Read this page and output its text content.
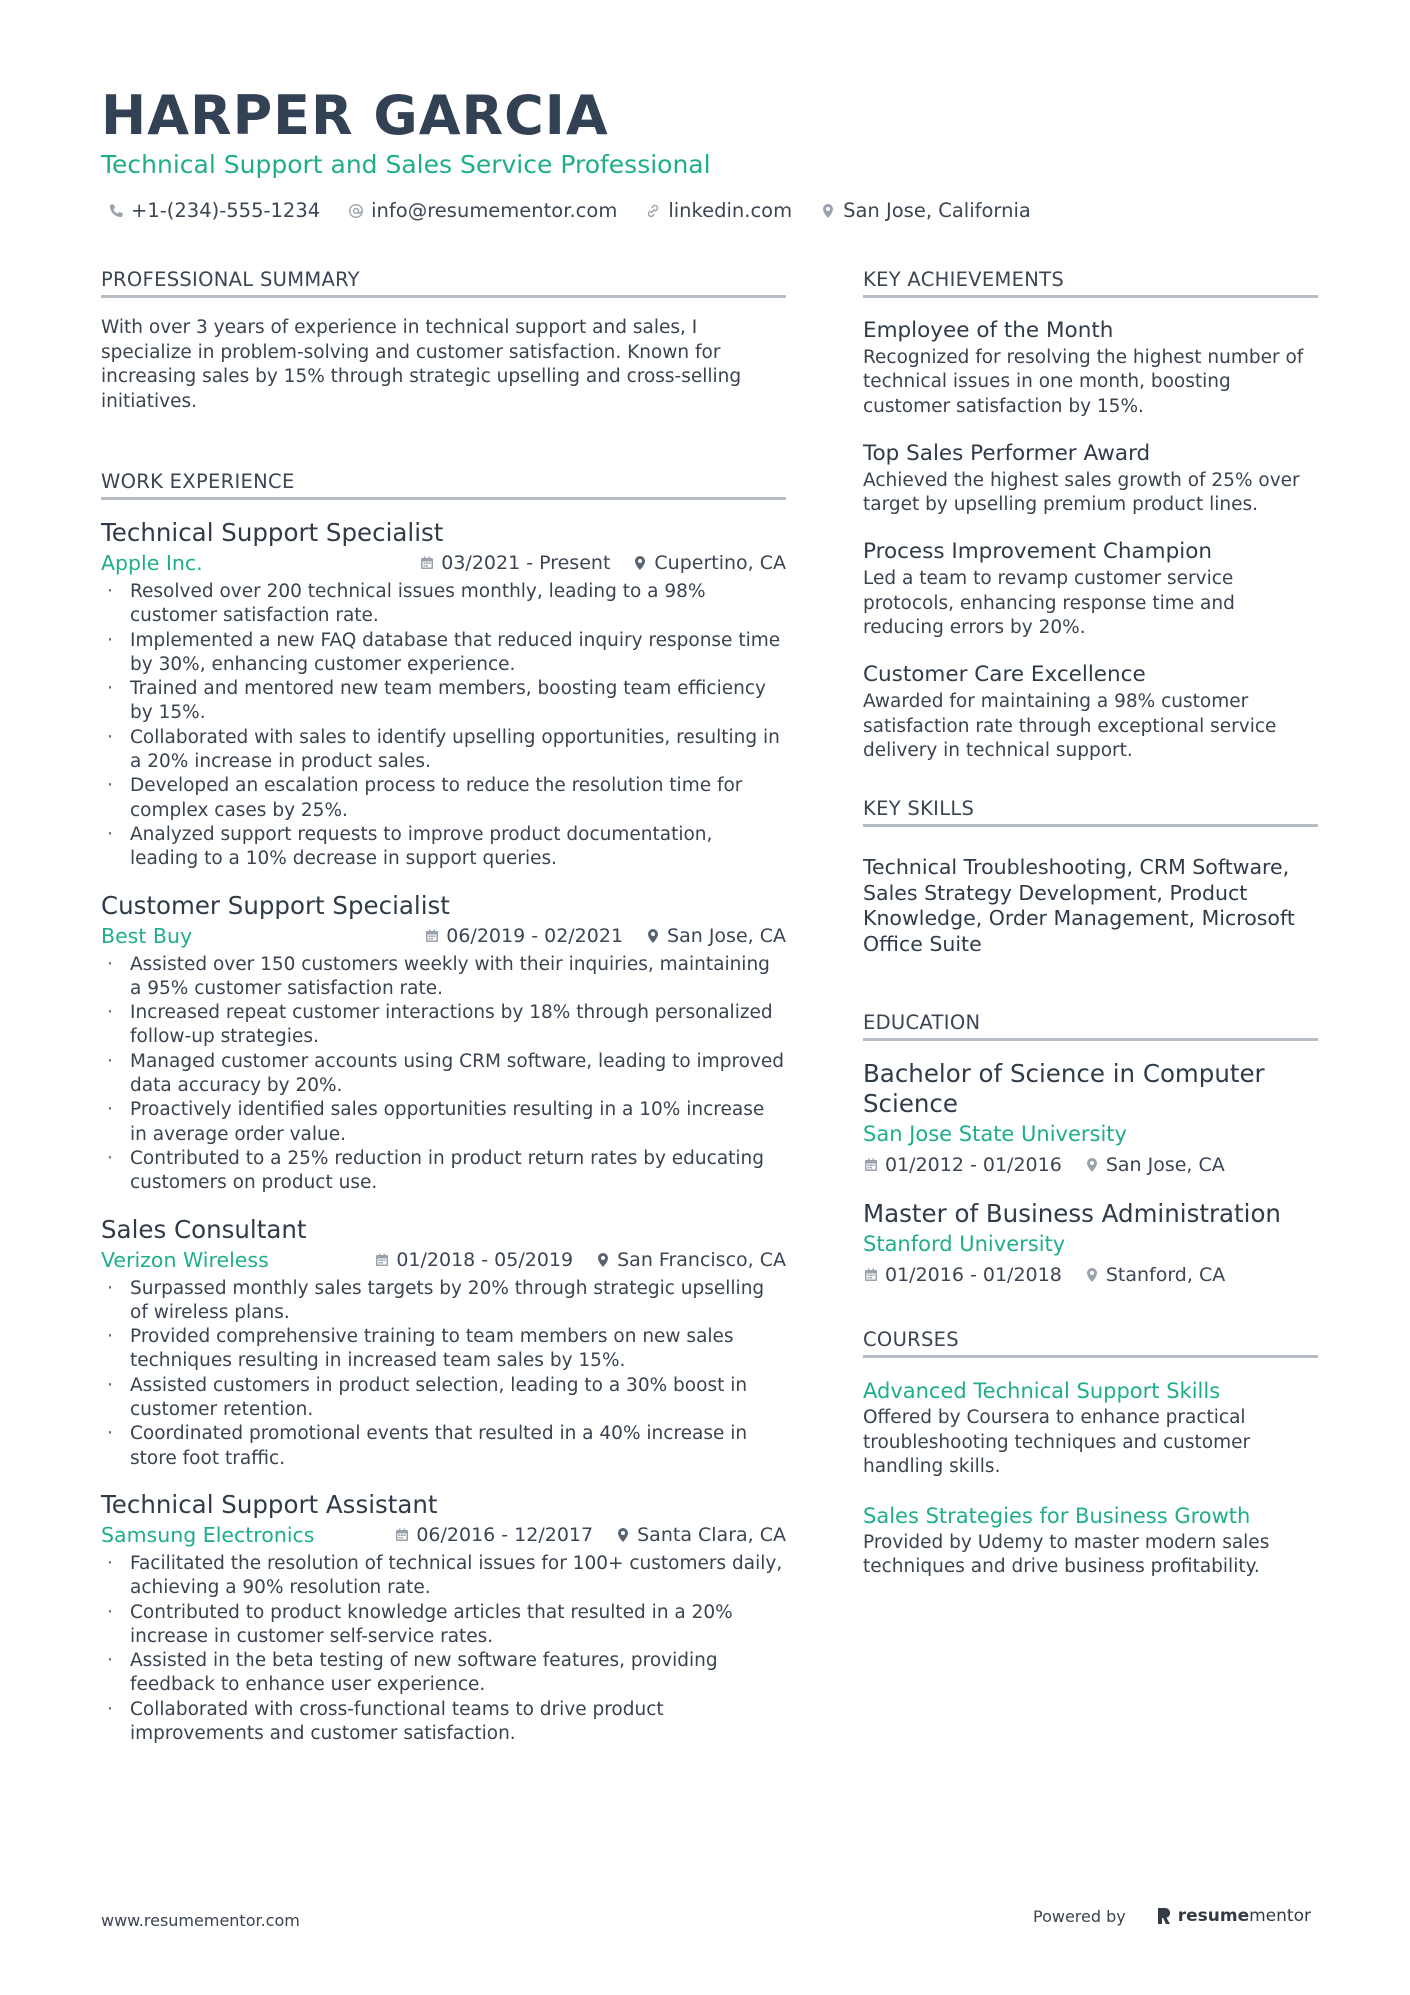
HARPER GARCIA
Technical Support and Sales Service Professional
+1-(234)-555-1234	info@resumementor.com	linkedin.com	San Jose, California
PROFESSIONAL SUMMARY
With over 3 years of experience in technical support and sales, I specialize in problem-solving and customer satisfaction. Known for increasing sales by 15% through strategic upselling and cross-selling initiatives.
WORK EXPERIENCE
Technical Support Specialist
Apple Inc.	03/2021 - Present Cupertino, CA
· Resolved over 200 technical issues monthly, leading to a 98% customer satisfaction rate.
· Implemented a new FAQ database that reduced inquiry response time by 30%, enhancing customer experience.
· Trained and mentored new team members, boosting team efficiency by 15%.
· Collaborated with sales to identify upselling opportunities, resulting in a 20% increase in product sales.
· Developed an escalation process to reduce the resolution time for complex cases by 25%.
· Analyzed support requests to improve product documentation, leading to a 10% decrease in support queries.
Customer Support Specialist
Best Buy	06/2019 - 02/2021 San Jose, CA
· Assisted over 150 customers weekly with their inquiries, maintaining a 95% customer satisfaction rate.
· Increased repeat customer interactions by 18% through personalized follow-up strategies.
· Managed customer accounts using CRM software, leading to improved data accuracy by 20%.
· Proactively identified sales opportunities resulting in a 10% increase in average order value.
· Contributed to a 25% reduction in product return rates by educating customers on product use.
Sales Consultant
Verizon Wireless	01/2018 - 05/2019 San Francisco, CA
· Surpassed monthly sales targets by 20% through strategic upselling of wireless plans.
· Provided comprehensive training to team members on new sales techniques resulting in increased team sales by 15%.
· Assisted customers in product selection, leading to a 30% boost in customer retention.
· Coordinated promotional events that resulted in a 40% increase in store foot traffic.
Technical Support Assistant
Samsung Electronics	06/2016 - 12/2017 Santa Clara, CA
· Facilitated the resolution of technical issues for 100+ customers daily, achieving a 90% resolution rate.
· Contributed to product knowledge articles that resulted in a 20% increase in customer self-service rates.
· Assisted in the beta testing of new software features, providing feedback to enhance user experience.
· Collaborated with cross-functional teams to drive product improvements and customer satisfaction.
KEY ACHIEVEMENTS
Employee of the Month
Recognized for resolving the highest number of technical issues in one month, boosting customer satisfaction by 15%.
Top Sales Performer Award
Achieved the highest sales growth of 25% over target by upselling premium product lines.
Process Improvement Champion
Led a team to revamp customer service protocols, enhancing response time and reducing errors by 20%.
Customer Care Excellence
Awarded for maintaining a 98% customer satisfaction rate through exceptional service delivery in technical support.
KEY SKILLS
Technical Troubleshooting, CRM Software, Sales Strategy Development, Product Knowledge, Order Management, Microsoft Office Suite
EDUCATION
Bachelor of Science in Computer Science
San Jose State University
01/2012 - 01/2016 San Jose, CA
Master of Business Administration
Stanford University
01/2016 - 01/2018 Stanford, CA
COURSES
Advanced Technical Support Skills
Offered by Coursera to enhance practical troubleshooting techniques and customer handling skills.
Sales Strategies for Business Growth
Provided by Udemy to master modern sales techniques and drive business profitability.
www.resumementor.com	Powered by	resume mentor
